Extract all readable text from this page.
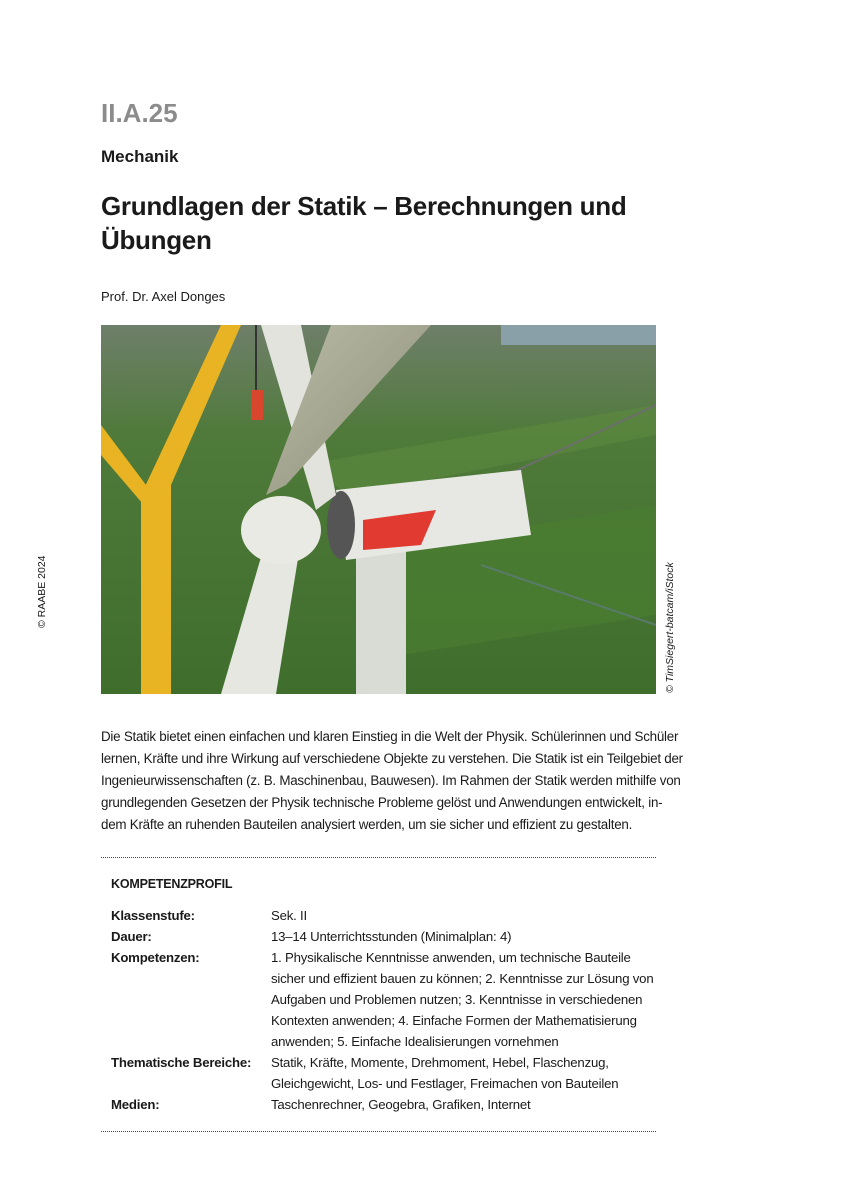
II.A.25
Mechanik
Grundlagen der Statik – Berechnungen und Übungen
Prof. Dr. Axel Donges
© RAABE 2024	© TimSiegert-batcam/iStock
Die Statik bietet einen einfachen und klaren Einstieg in die Welt der Physik. Schülerinnen und Schüler
lernen, Kräfte und ihre Wirkung auf verschiedene Objekte zu verstehen. Die Statik ist ein Teilgebiet der
Ingenieurwissenschaften (z. B. Maschinenbau, Bauwesen). Im Rahmen der Statik werden mithilfe von
grundlegenden Gesetzen der Physik technische Probleme gelöst und Anwendungen entwickelt, in-
dem Kräfte an ruhenden Bauteilen analysiert werden, um sie sicher und effizient zu gestalten.
KOMPETENZPROFIL
Klassenstufe:	Sek. II
Dauer:	13–14 Unterrichtsstunden (Minimalplan: 4)
Kompetenzen:	1. Physikalische Kenntnisse anwenden, um technische Bauteile
sicher und effizient bauen zu können; 2. Kenntnisse zur Lösung von
Aufgaben und Problemen nutzen; 3. Kenntnisse in verschiedenen
Kontexten anwenden; 4. Einfache Formen der Mathematisierung
anwenden; 5. Einfache Idealisierungen vornehmen
Thematische Bereiche:	Statik, Kräfte, Momente, Drehmoment, Hebel, Flaschenzug,
Gleichgewicht, Los- und Festlager, Freimachen von Bauteilen
Medien:	Taschenrechner, Geogebra, Grafiken, Internet
